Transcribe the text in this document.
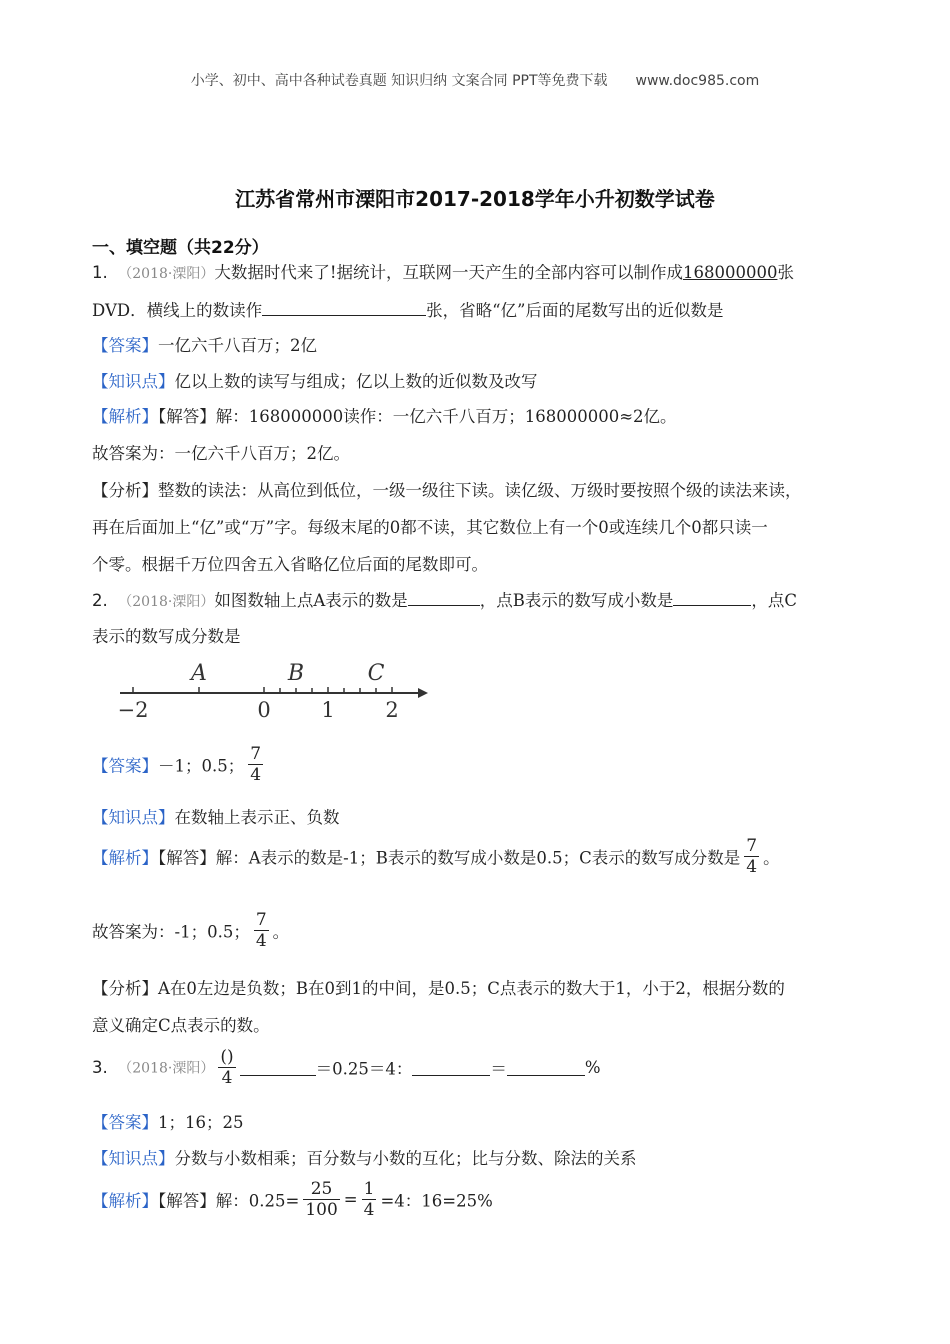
小学、初中、高中各种试卷真题 知识归纳 文案合同 PPT等免费下载 www.doc985.com
江苏省常州市溧阳市2017-2018学年小升初数学试卷
一、填空题（共22分）
1. （2018·溧阳）大数据时代来了!据统计，互联网一天产生的全部内容可以制作成168000000张
DVD．横线上的数读作	张，省略“亿”后面的尾数写出的近似数是
【答案】一亿六千八百万；2亿
【知识点】亿以上数的读写与组成；亿以上数的近似数及改写
【解析】【解答】解：168000000读作：一亿六千八百万；168000000≈2亿。
故答案为：一亿六千八百万；2亿。
【分析】整数的读法：从高位到低位，一级一级往下读。读亿级、万级时要按照个级的读法来读，
再在后面加上“亿”或“万”字。每级末尾的0都不读，其它数位上有一个0或连续几个0都只读一
个零。根据千万位四舍五入省略亿位后面的尾数即可。
2. （2018·溧阳）如图数轴上点A表示的数是	，点B表示的数写成小数是	，点C
表示的数写成分数是
A	B	C
−2	0 1 2
【答案】－1；0.5； $\frac{7}{4}$
【知识点】在数轴上表示正、负数
【解析】【解答】解：A表示的数是-1；B表示的数写成小数是0.5；C表示的数写成分数是 $\frac{7}{4}$ 。
故答案为：-1；0.5； $\frac{7}{4}$ 。
【分析】A在0左边是负数；B在0到1的中间，是0.5；C点表示的数大于1，小于2，根据分数的
意义确定C点表示的数。
3. （2018·溧阳） $\frac{()}{4}$	＝0.25＝4：	＝	%
【答案】1；16；25
【知识点】分数与小数相乘；百分数与小数的互化；比与分数、除法的关系
【解析】【解答】解：$0.25= \frac{25}{100} = \frac{1}{4} =4$：16=25%
